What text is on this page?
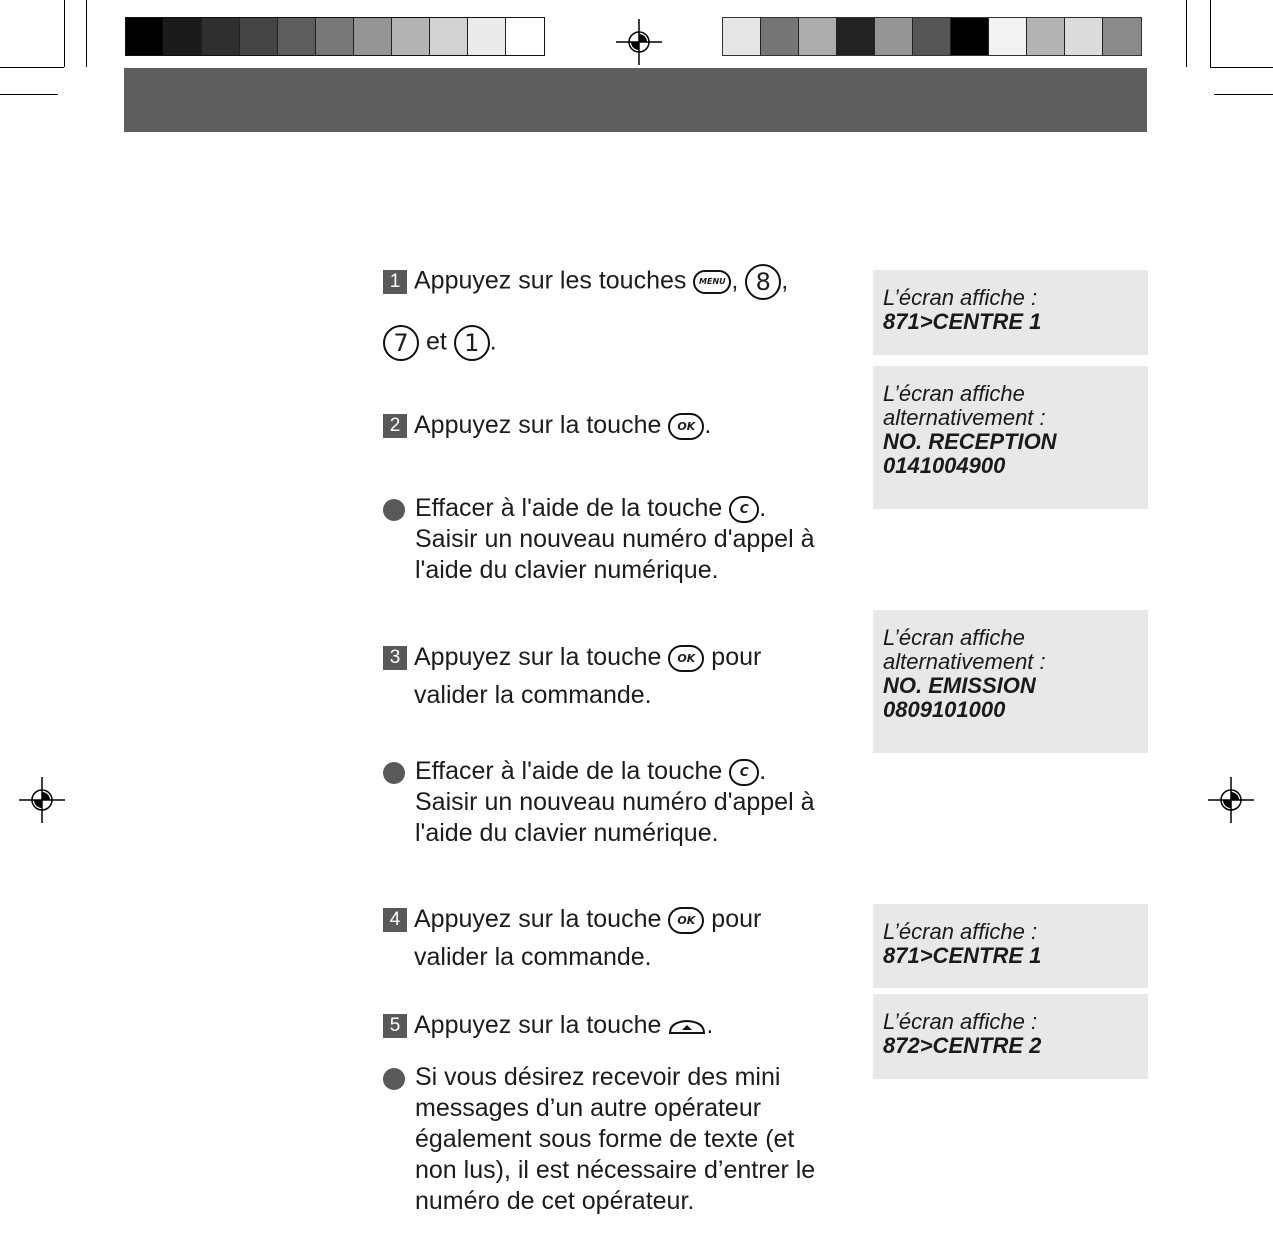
1 Appuyez sur les touches MENU , 8 ,
7 et 1 .
2 Appuyez sur la touche OK .
Effacer à l'aide de la touche C .
Saisir un nouveau numéro d'appel à
l'aide du clavier numérique.
3 Appuyez sur la touche OK pour
valider la commande.
Effacer à l'aide de la touche C .
Saisir un nouveau numéro d'appel à
l'aide du clavier numérique.
4 Appuyez sur la touche OK pour
valider la commande.
5 Appuyez sur la touche .
Si vous désirez recevoir des mini
messages d’un autre opérateur
également sous forme de texte (et
non lus), il est nécessaire d’entrer le
numéro de cet opérateur.
L’écran affiche :
871>CENTRE 1
L’écran affiche
alternativement :
NO. RECEPTION
0141004900
L’écran affiche
alternativement :
NO. EMISSION
0809101000
L’écran affiche :
871>CENTRE 1
L’écran affiche :
872>CENTRE 2
